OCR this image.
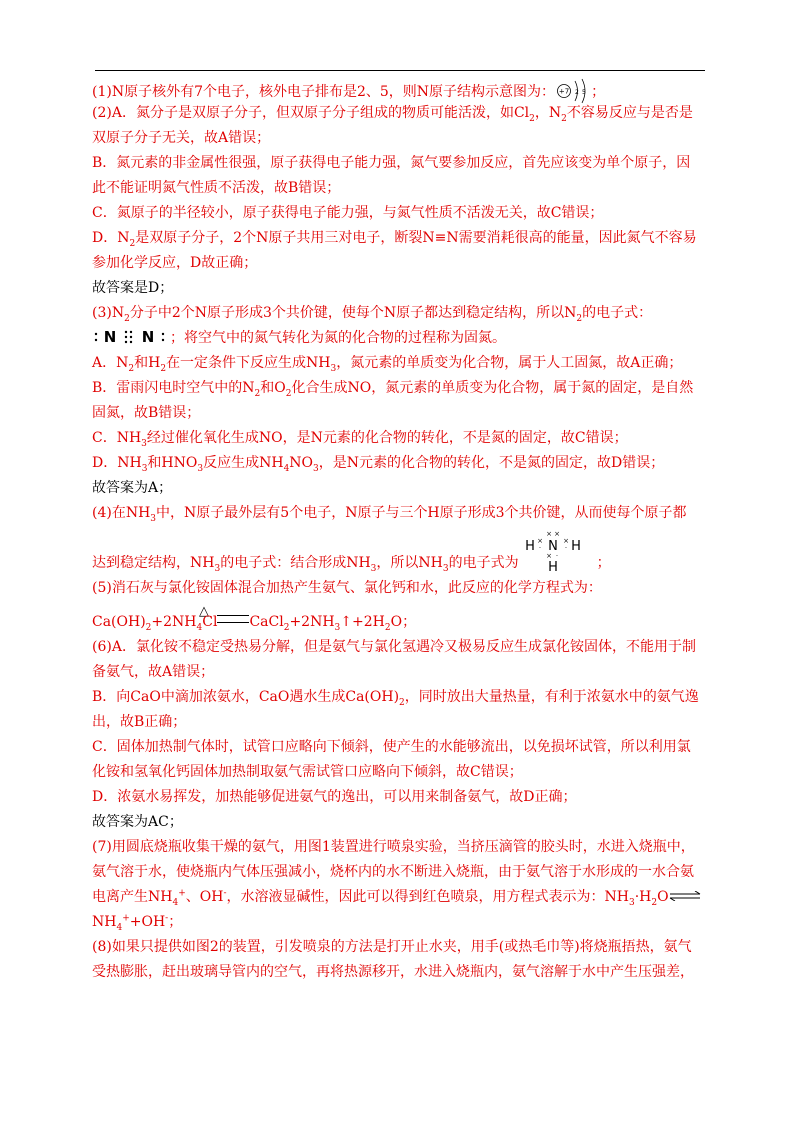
(1)N原子核外有7个电子，核外电子排布是2、5，则N原子结构示意图为： +7 2 5 ；
(2)A．氮分子是双原子分子，但双原子分子组成的物质可能活泼，如$Cl_2$，$N_2$不容易反应与是否是
双原子分子无关，故A错误；
B．氮元素的非金属性很强，原子获得电子能力强，氮气要参加反应，首先应该变为单个原子，因
此不能证明氮气性质不活泼，故B错误；
C．氮原子的半径较小，原子获得电子能力强，与氮气性质不活泼无关，故C错误；
D．$N_2$是双原子分子，2个N原子共用三对电子，断裂N≡N需要消耗很高的能量，因此氮气不容易
参加化学反应，D故正确；
故答案是D；
$(3)N_2$分子中2个N原子形成3个共价键，使每个N原子都达到稳定结构，所以$N_2$的电子式：
N N ；将空气中的氮气转化为氮的化合物的过程称为固氮。
A．$N_2$和$H_2$在一定条件下反应生成$NH_3$，氮元素的单质变为化合物，属于人工固氮，故A正确；
B．雷雨闪电时空气中的$N_2$和$O_2$化合生成NO，氮元素的单质变为化合物，属于氮的固定，是自然
固氮，故B错误；
C．$NH_3$经过催化氧化生成NO，是N元素的化合物的转化，不是氮的固定，故C错误；
D．$NH_3$和$HNO_3$反应生成$NH_4NO_3$，是N元素的化合物的转化，不是氮的固定，故D错误；
故答案为A；
(4)在$NH_3$中，N原子最外层有5个电子，N原子与三个H原子形成3个共价键，从而使每个原子都
H N H
H
× ×
×
·
×
·
× ·
达到稳定结构，$NH_3$的电子式：结合形成$NH_3$，所以$NH_3$的电子式为	；
(5)消石灰与氯化铵固体混合加热产生氨气、氯化钙和水，此反应的化学方程式为：
△
$Ca(OH)_2+2NH_4Cl$ $CaCl_2+2NH_3↑+2H_2O$；
(6)A．氯化铵不稳定受热易分解，但是氨气与氯化氢遇冷又极易反应生成氯化铵固体，不能用于制
备氨气，故A错误；
B．向CaO中滴加浓氨水，CaO遇水生成$Ca(OH)_2$，同时放出大量热量，有利于浓氨水中的氨气逸
出，故B正确；
C．固体加热制气体时，试管口应略向下倾斜，使产生的水能够流出，以免损坏试管，所以利用氯
化铵和氢氧化钙固体加热制取氨气需试管口应略向下倾斜，故C错误；
D．浓氨水易挥发，加热能够促进氨气的逸出，可以用来制备氨气，故D正确；
故答案为AC；
(7)用圆底烧瓶收集干燥的氨气，用图1装置进行喷泉实验，当挤压滴管的胶头时，水进入烧瓶中，
氨气溶于水，使烧瓶内气体压强减小，烧杯内的水不断进入烧瓶，由于氨气溶于水形成的一水合氨
电离产生$NH_4^+$、OH-，水溶液显碱性，因此可以得到红色喷泉，用方程式表示为：$NH_3\cdot H_2O\rightleftharpoons$
$NH_4^++OH^-$；
(8)如果只提供如图2的装置，引发喷泉的方法是打开止水夹，用手(或热毛巾等)将烧瓶捂热，氨气
受热膨胀，赶出玻璃导管内的空气，再将热源移开，水进入烧瓶内，氨气溶解于水中产生压强差，
